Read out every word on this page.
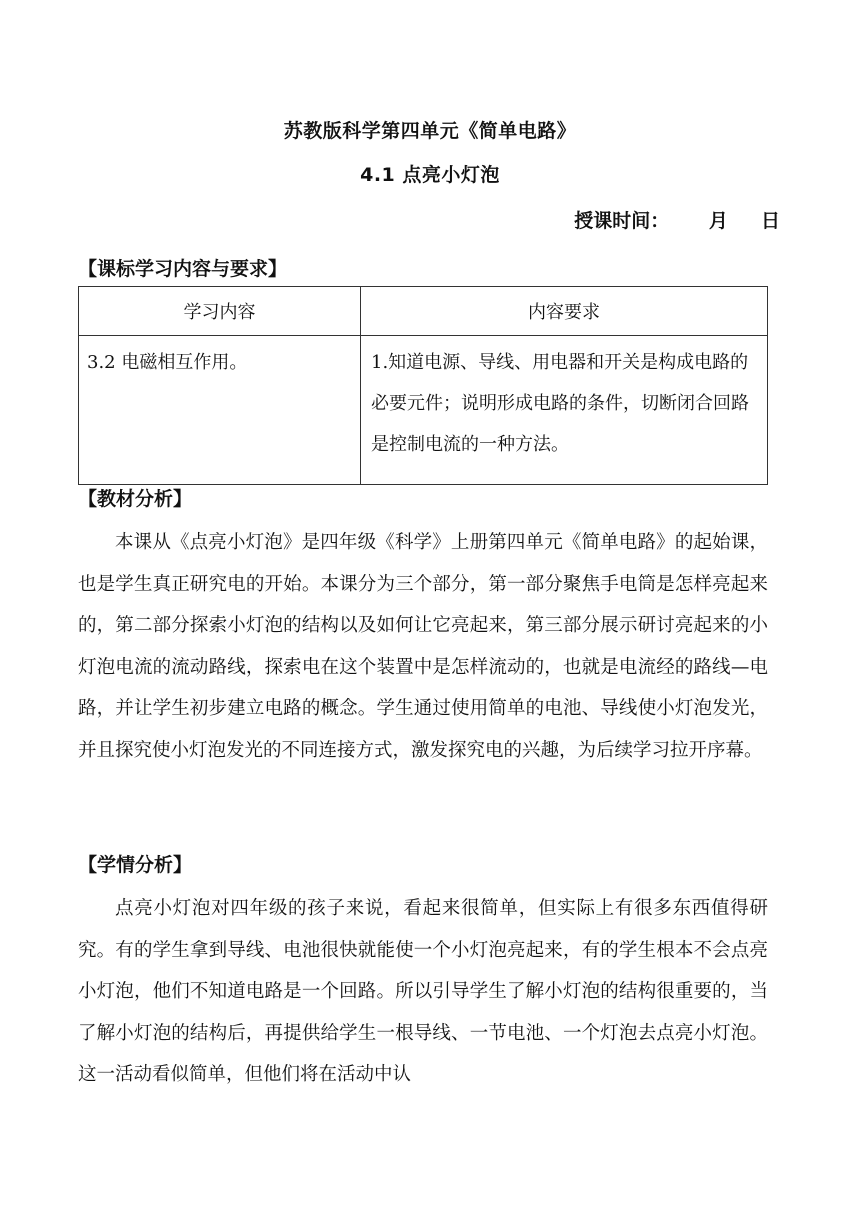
苏教版科学第四单元《简单电路》
4.1 点亮小灯泡
授课时间：      月     日
【课标学习内容与要求】
学习内容	内容要求
3.2 电磁相互作用。	1.知道电源、导线、用电器和开关是构成电路的必要元件；说明形成电路的条件，切断闭合回路是控制电流的一种方法。
【教材分析】
本课从《点亮小灯泡》是四年级《科学》上册第四单元《简单电路》的起始课，也是学生真正研究电的开始。本课分为三个部分，第一部分聚焦手电筒是怎样亮起来的，第二部分探索小灯泡的结构以及如何让它亮起来，第三部分展示研讨亮起来的小灯泡电流的流动路线，探索电在这个装置中是怎样流动的，也就是电流经的路线—电路，并让学生初步建立电路的概念。学生通过使用简单的电池、导线使小灯泡发光，并且探究使小灯泡发光的不同连接方式，激发探究电的兴趣，为后续学习拉开序幕。
【学情分析】
点亮小灯泡对四年级的孩子来说，看起来很简单，但实际上有很多东西值得研究。有的学生拿到导线、电池很快就能使一个小灯泡亮起来，有的学生根本不会点亮小灯泡，他们不知道电路是一个回路。所以引导学生了解小灯泡的结构很重要的，当了解小灯泡的结构后，再提供给学生一根导线、一节电池、一个灯泡去点亮小灯泡。这一活动看似简单，但他们将在活动中认
